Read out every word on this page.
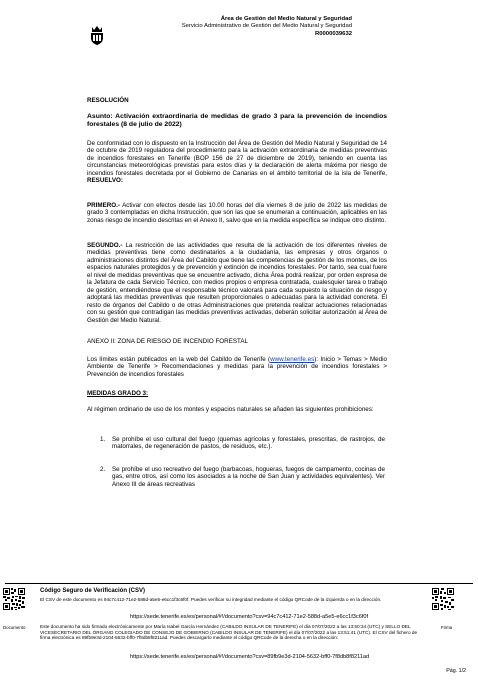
Área de Gestión del Medio Natural y Seguridad
Servicio Administrativo de Gestión del Medio Natural y Seguridad
R0000039632
RESOLUCIÓN
Asunto: Activación extraordinaria de medidas de grado 3 para la prevención de incendios forestales (8 de julio de 2022)
De conformidad con lo dispuesto en la Instrucción del Área de Gestión del Medio Natural y Seguridad de 14 de octubre de 2019 reguladora del procedimiento para la activación extraordinaria de medidas preventivas de incendios forestales en Tenerife (BOP 156 de 27 de diciembre de 2019), teniendo en cuenta las circunstancias meteorológicas previstas para estos días y la declaración de alerta máxima por riesgo de incendios forestales decretada por el Gobierno de Canarias en el ámbito territorial de la isla de Tenerife, RESUELVO:
PRIMERO.- Activar con efectos desde las 10.00 horas del día viernes 8 de julio de 2022 las medidas de grado 3 contempladas en dicha Instrucción, que son las que se enumeran a continuación, aplicables en las zonas riesgo de incendio descritas en el Anexo II, salvo que en la medida específica se indique otro distinto.
SEGUNDO.- La restricción de las actividades que resulta de la activación de los diferentes niveles de medidas preventivas tiene como destinatarios a la ciudadanía, las empresas y otros órganos o administraciones distintos del Área del Cabildo que tiene las competencias de gestión de los montes, de los espacios naturales protegidos y de prevención y extinción de incendios forestales. Por tanto, sea cual fuere el nivel de medidas preventivas que se encuentre activado, dicha Área podrá realizar, por orden expresa de la Jefatura de cada Servicio Técnico, con medios propios o empresa contratada, cualesquier tarea o trabajo de gestión, entendiéndose que el responsable técnico valorará para cada supuesto la situación de riesgo y adoptará las medidas preventivas que resulten proporcionales o adecuadas para la actividad concreta. El resto de órganos del Cabildo o de otras Administraciones que pretenda realizar actuaciones relacionadas con su gestión que contradigan las medidas preventivas activadas, deberán solicitar autorización al Área de Gestión del Medio Natural.
ANEXO II: ZONA DE RIESGO DE INCENDIO FORESTAL
Los límites están publicados en la web del Cabildo de Tenerife (www.tenerife.es): Inicio > Temas > Medio Ambiente de Tenerife > Recomendaciones y medidas para la prevención de incendios forestales > Prevención de incendios forestales
MEDIDAS GRADO 3:
Al régimen ordinario de uso de los montes y espacios naturales se añaden las siguientes prohibiciones:
1. Se prohíbe el uso cultural del fuego (quemas agrícolas y forestales, prescritas, de rastrojos, de matorrales, de regeneración de pastos, de residuos, etc.).
2. Se prohíbe el uso recreativo del fuego (barbacoas, hogueras, fuegos de campamento, cocinas de gas, entre otros, así como los asociados a la noche de San Juan y actividades equivalentes). Ver Anexo III de áreas recreativas
Documento
Código Seguro de Verificación (CSV)
El CSV de este documento es 94c7c412-71e2-588d-a5e5-e6cc1f3c6f0f. Puedes verificar su integridad mediante el código QRCode de la izquierda o en la dirección.
https://sede.tenerife.es/es/personal/#!/documento?csv=94c7c412-71e2-588d-a5e5-e6cc1f3c6f0f
Este documento ha sido firmado electrónicamente por María Isabel García Hernández (CABILDO INSULAR DE TENERIFE) el día 07/07/2022 a las 13:50:34 (UTC) y SELLO DEL VICESECRETARIO DEL ÓRGANO COLEGIADO DE CONSEJO DE GOBIERNO (CABILDO INSULAR DE TENERIFE) el día 07/07/2022 a las 13:51:41 (UTC). El CSV del fichero de firma electrónica es 89fb9e3d-2104-5632-bff0-7f8db8f8211ad. Puedes descargarlo mediante el código QRCode de la derecha o en la dirección:
https://sede.tenerife.es/es/personal/#!/documento?csv=89fb9e3d-2104-5632-bff0-7f8db8f8211ad
Firma
Pág. 1/2
